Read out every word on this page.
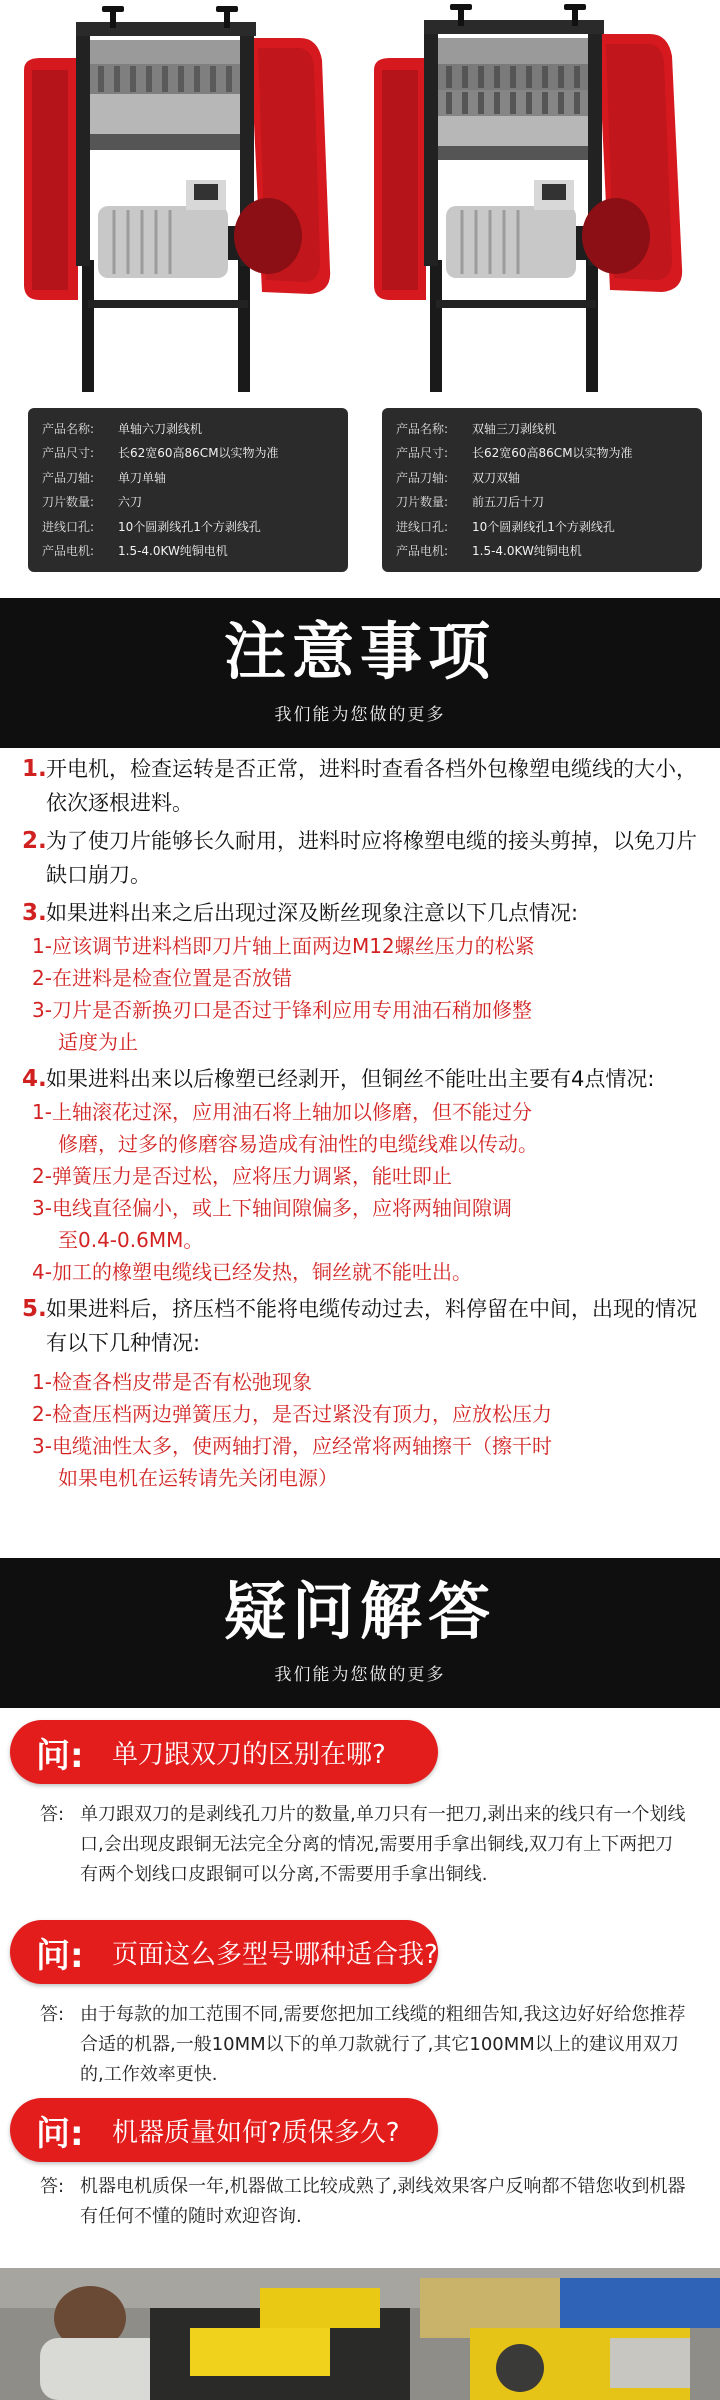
产品名称:	单轴六刀剥线机
产品尺寸:	长62宽60高86CM以实物为准
产品刀轴:	单刀单轴
刀片数量:	六刀
进线口孔:	10个圆剥线孔1个方剥线孔
产品电机:	1.5-4.0KW纯铜电机
产品名称:	双轴三刀剥线机
产品尺寸:	长62宽60高86CM以实物为准
产品刀轴:	双刀双轴
刀片数量:	前五刀后十刀
进线口孔:	10个圆剥线孔1个方剥线孔
产品电机:	1.5-4.0KW纯铜电机
注意事项
我们能为您做的更多
1. 开电机，检查运转是否正常，进料时查看各档外包橡塑电缆线的大小，依次逐根进料。
2. 为了使刀片能够长久耐用，进料时应将橡塑电缆的接头剪掉，以免刀片缺口崩刀。
3. 如果进料出来之后出现过深及断丝现象注意以下几点情况:
1-应该调节进料档即刀片轴上面两边M12螺丝压力的松紧
2-在进料是检查位置是否放错
3-刀片是否新换刃口是否过于锋利应用专用油石稍加修整
适度为止
4. 如果进料出来以后橡塑已经剥开，但铜丝不能吐出主要有4点情况:
1-上轴滚花过深，应用油石将上轴加以修磨，但不能过分
修磨，过多的修磨容易造成有油性的电缆线难以传动。
2-弹簧压力是否过松，应将压力调紧，能吐即止
3-电线直径偏小，或上下轴间隙偏多，应将两轴间隙调
至0.4-0.6MM。
4-加工的橡塑电缆线已经发热，铜丝就不能吐出。
5. 如果进料后，挤压档不能将电缆传动过去，料停留在中间，出现的情况有以下几种情况:
1-检查各档皮带是否有松弛现象
2-检查压档两边弹簧压力，是否过紧没有顶力，应放松压力
3-电缆油性太多，使两轴打滑，应经常将两轴擦干（擦干时
如果电机在运转请先关闭电源）
疑问解答
我们能为您做的更多
问:	单刀跟双刀的区别在哪?
答: 单刀跟双刀的是剥线孔刀片的数量,单刀只有一把刀,剥出来的线只有一个划线口,会出现皮跟铜无法完全分离的情况,需要用手拿出铜线,双刀有上下两把刀有两个划线口皮跟铜可以分离,不需要用手拿出铜线.
问:	页面这么多型号哪种适合我?
答: 由于每款的加工范围不同,需要您把加工线缆的粗细告知,我这边好好给您推荐合适的机器,一般10MM以下的单刀款就行了,其它100MM以上的建议用双刀的,工作效率更快.
问:	机器质量如何?质保多久?
答: 机器电机质保一年,机器做工比较成熟了,剥线效果客户反响都不错您收到机器有任何不懂的随时欢迎咨询.
